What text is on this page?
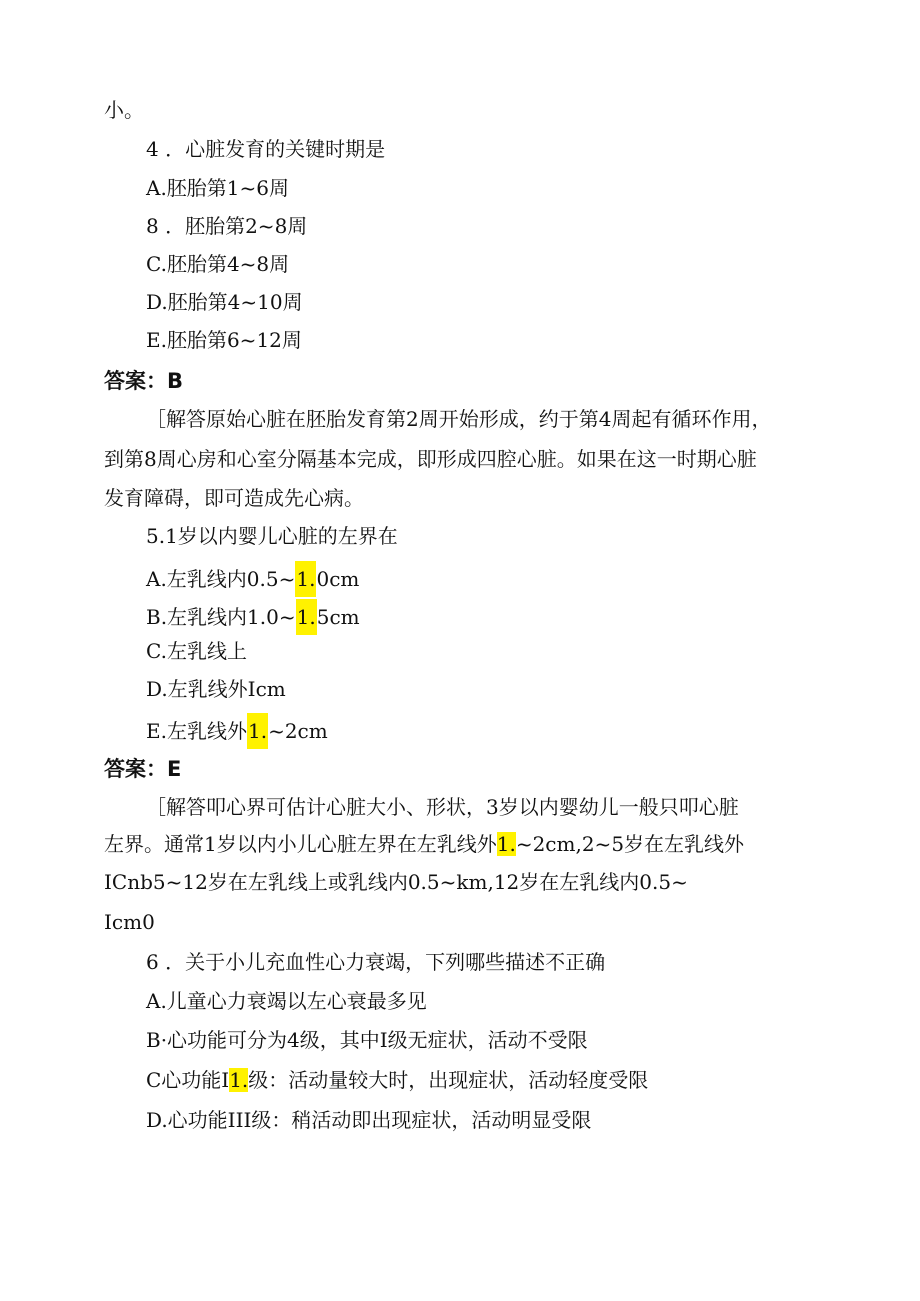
小。
4 ．心脏发育的关键时期是
A.胚胎第1~6周
8 ．胚胎第2~8周
C.胚胎第4~8周
D.胚胎第4~10周
E.胚胎第6~12周
答案：B
［解答原始心脏在胚胎发育第2周开始形成，约于第4周起有循环作用，
到第8周心房和心室分隔基本完成，即形成四腔心脏。如果在这一时期心脏
发育障碍，即可造成先心病。
5.1岁以内婴儿心脏的左界在
A.左乳线内0.5~1.0cm
B.左乳线内1.0~1.5cm
C.左乳线上
D.左乳线外Icm
E.左乳线外1.~2cm
答案：E
［解答叩心界可估计心脏大小、形状，3岁以内婴幼儿一般只叩心脏
左界。通常1岁以内小儿心脏左界在左乳线外1.~2cm,2~5岁在左乳线外
ICnb5~12岁在左乳线上或乳线内0.5~km,12岁在左乳线内0.5~
Icm0
6 ．关于小儿充血性心力衰竭，下列哪些描述不正确
A.儿童心力衰竭以左心衰最多见
B·心功能可分为4级，其中I级无症状，活动不受限
C心功能I1.级：活动量较大时，出现症状，活动轻度受限
D.心功能III级：稍活动即出现症状，活动明显受限
